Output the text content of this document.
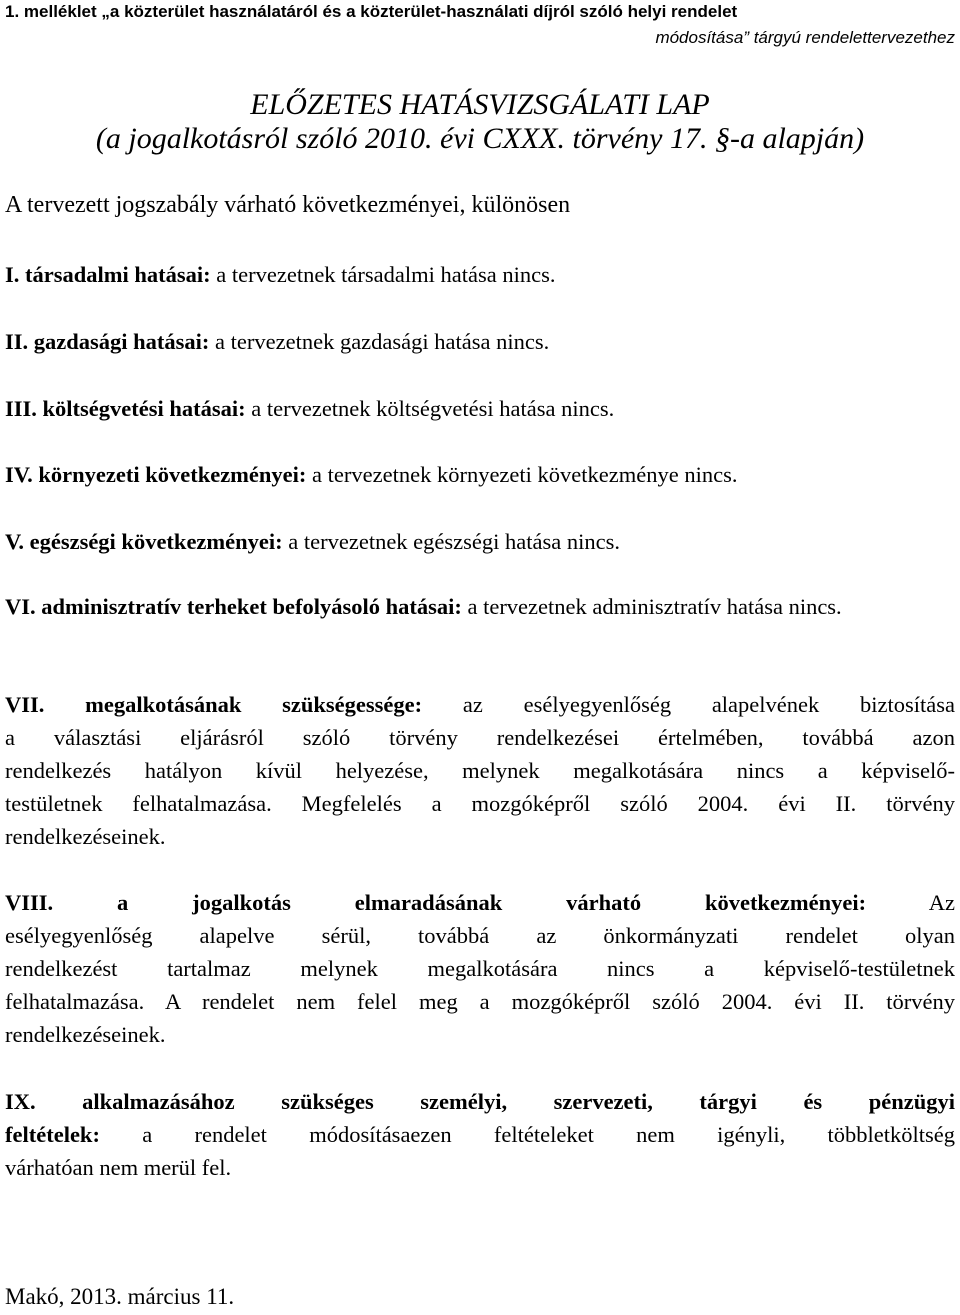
1. melléklet „a közterület használatáról és a közterület-használati díjról szóló helyi rendelet
módosítása” tárgyú rendelettervezethez
ELŐZETES HATÁSVIZSGÁLATI LAP
(a jogalkotásról szóló 2010. évi CXXX. törvény 17. §-a alapján)
A tervezett jogszabály várható következményei, különösen
I. társadalmi hatásai: a tervezetnek társadalmi hatása nincs.
II. gazdasági hatásai: a tervezetnek gazdasági hatása nincs.
III. költségvetési hatásai: a tervezetnek költségvetési hatása nincs.
IV. környezeti következményei: a tervezetnek környezeti következménye nincs.
V. egészségi következményei: a tervezetnek egészségi hatása nincs.
VI. adminisztratív terheket befolyásoló hatásai: a tervezetnek adminisztratív hatása nincs.
VII. megalkotásának szükségessége: az esélyegyenlőség alapelvének biztosítása
a választási eljárásról szóló törvény rendelkezései értelmében, továbbá azon
rendelkezés hatályon kívül helyezése, melynek megalkotására nincs a képviselő-
testületnek felhatalmazása. Megfelelés a mozgóképről szóló 2004. évi II. törvény
rendelkezéseinek.
VIII. a jogalkotás elmaradásának várható következményei: Az
esélyegyenlőség alapelve sérül, továbbá az önkormányzati rendelet olyan
rendelkezést tartalmaz melynek megalkotására nincs a képviselő-testületnek
felhatalmazása. A rendelet nem felel meg a mozgóképről szóló 2004. évi II. törvény
rendelkezéseinek.
IX. alkalmazásához szükséges személyi, szervezeti, tárgyi és pénzügyi
feltételek: a rendelet módosításaezen feltételeket nem igényli, többletköltség
várhatóan nem merül fel.
Makó, 2013. március 11.
